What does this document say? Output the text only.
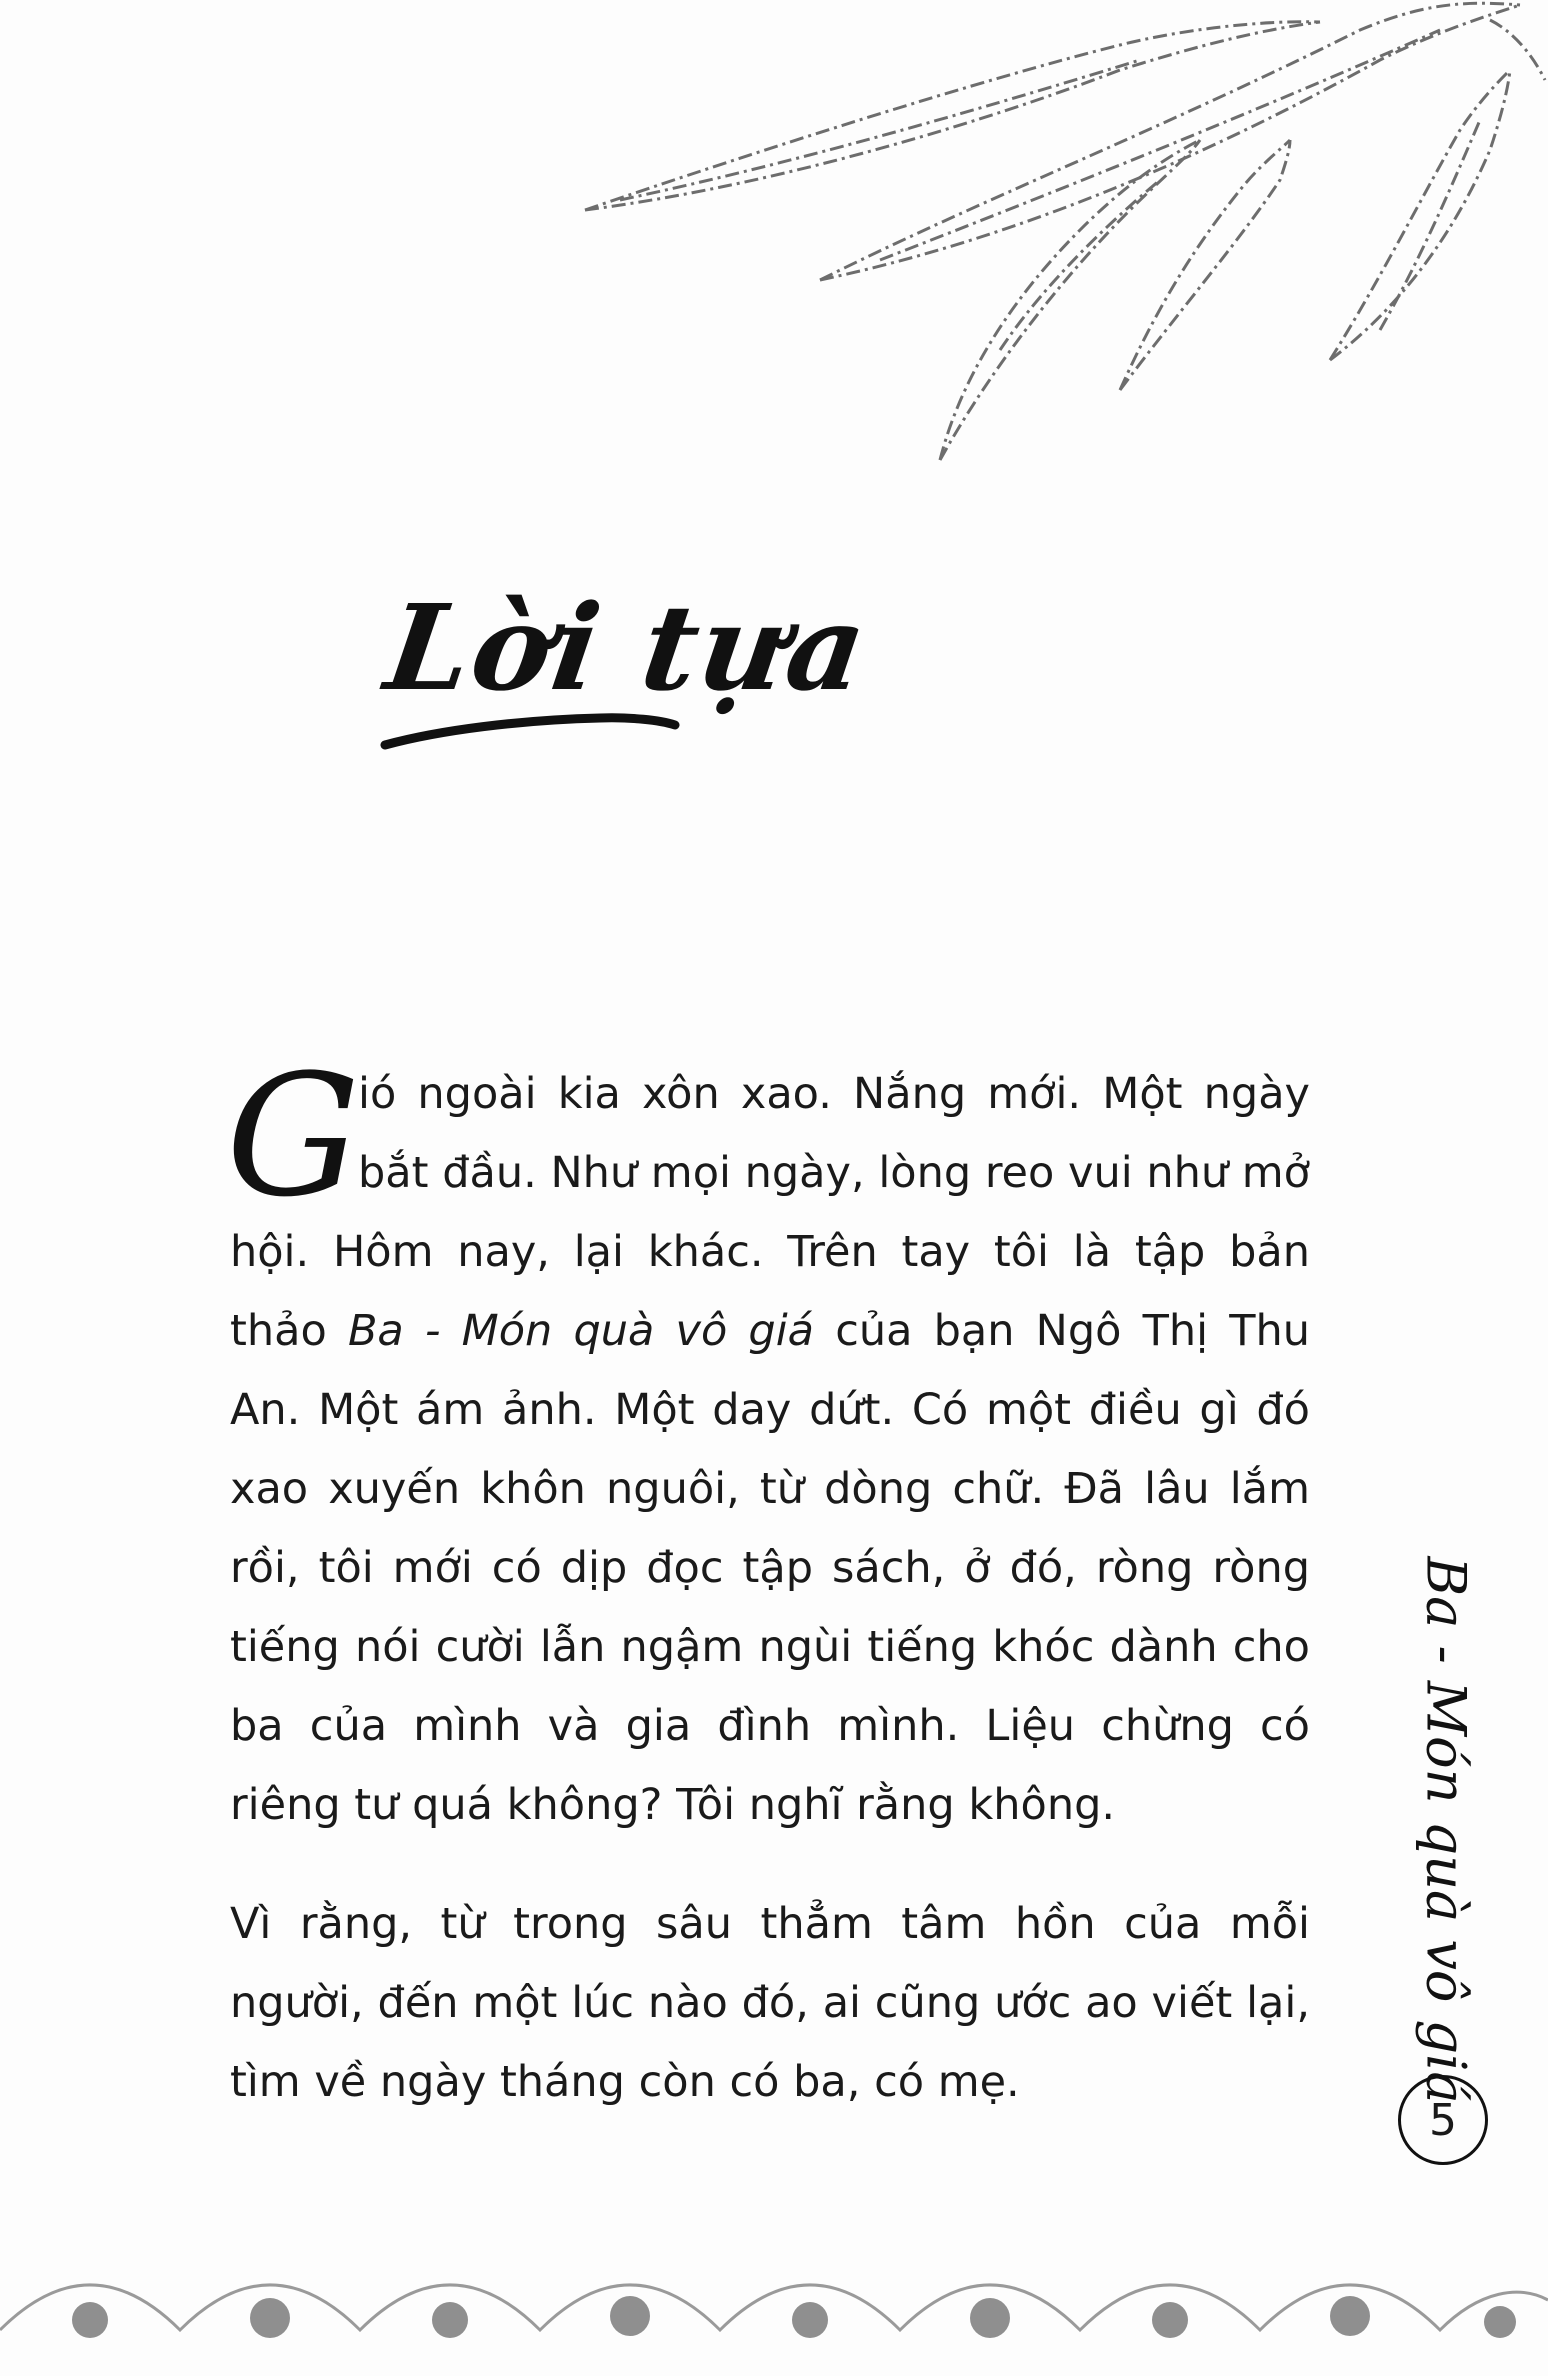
Lời tựa

G
ió ngoài kia xôn xao. Nắng mới. Một ngày bắt đầu. Như mọi ngày, lòng reo vui như mở hội. Hôm nay, lại khác. Trên tay tôi là tập bản thảo Ba - Món quà vô giá của bạn Ngô Thị Thu An. Một ám ảnh. Một day dứt. Có một điều gì đó xao xuyến khôn nguôi, từ dòng chữ. Đã lâu lắm rồi, tôi mới có dịp đọc tập sách, ở đó, ròng ròng tiếng nói cười lẫn ngậm ngùi tiếng khóc dành cho ba của mình và gia đình mình. Liệu chừng có riêng tư quá không? Tôi nghĩ rằng không.

Vì rằng, từ trong sâu thẳm tâm hồn của mỗi người, đến một lúc nào đó, ai cũng ước ao viết lại, tìm về ngày tháng còn có ba, có mẹ.	Ba - Món quà vô giá
5
